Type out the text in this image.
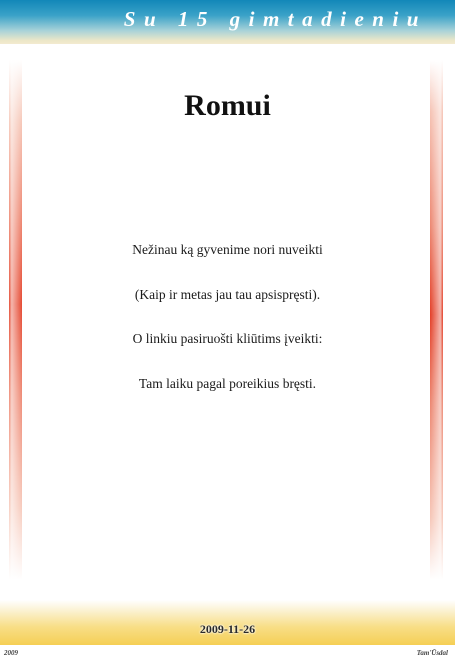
Su 15 gimtadieniu
Romui
Nežinau ką gyvenime nori nuveikti
(Kaip ir metas jau tau apsispręsti).
O linkiu pasiruošti kliūtims įveikti:
Tam laiku pagal poreikius bręsti.
2009-11-26
2009	Tam'Ūsdal
